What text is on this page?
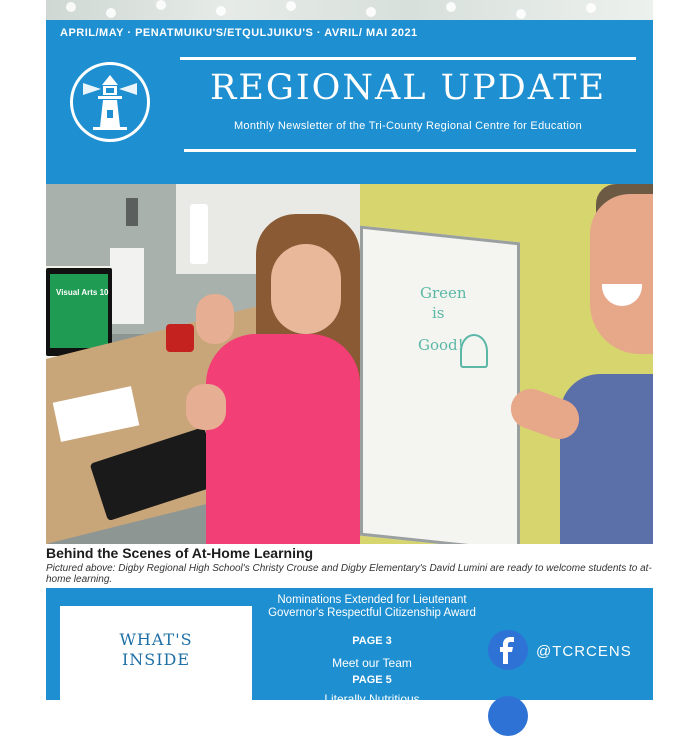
APRIL/MAY · PENATMUIKU'S/ETQULJUIKU'S · AVRIL/ MAI 2021
REGIONAL UPDATE
Monthly Newsletter of the Tri-County Regional Centre for Education
Visual Arts 10	Green
is
Good!
Behind the Scenes of At-Home Learning
Pictured above: Digby Regional High School's Christy Crouse and Digby Elementary's David Lumini are ready to welcome students to at-home learning.
WHAT'S
INSIDE
A message from the Regional
Nominations Extended for Lieutenant Governor's Respectful Citizenship Award
PAGE 3
Meet our Team
PAGE 5
Literally Nutritious
@TCRCENS
